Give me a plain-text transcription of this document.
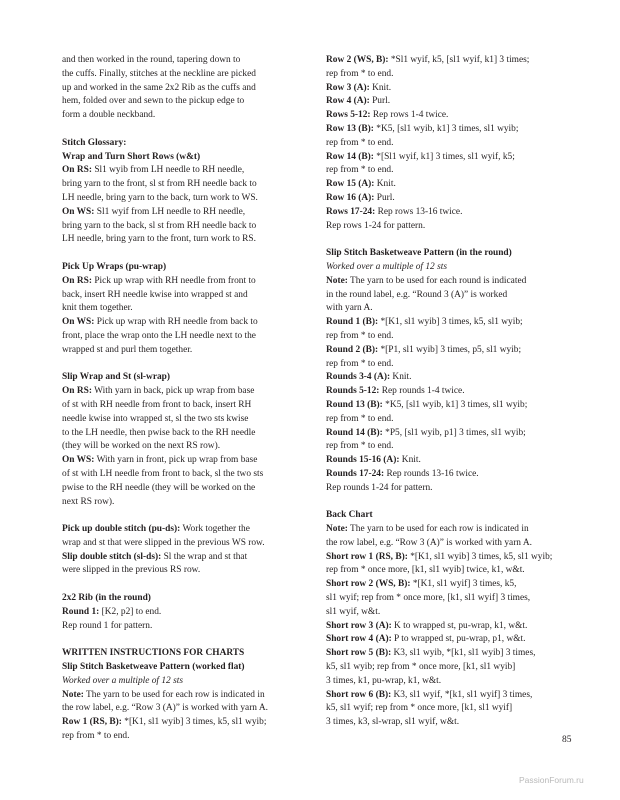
and then worked in the round, tapering down to
the cuffs. Finally, stitches at the neckline are picked
up and worked in the same 2x2 Rib as the cuffs and
hem, folded over and sewn to the pickup edge to
form a double neckband.
Stitch Glossary:
Wrap and Turn Short Rows (w&t)
On RS: Sl1 wyib from LH needle to RH needle,
bring yarn to the front, sl st from RH needle back to
LH needle, bring yarn to the back, turn work to WS.
On WS: Sl1 wyif from LH needle to RH needle,
bring yarn to the back, sl st from RH needle back to
LH needle, bring yarn to the front, turn work to RS.
Pick Up Wraps (pu-wrap)
On RS: Pick up wrap with RH needle from front to
back, insert RH needle kwise into wrapped st and
knit them together.
On WS: Pick up wrap with RH needle from back to
front, place the wrap onto the LH needle next to the
wrapped st and purl them together.
Slip Wrap and St (sl-wrap)
On RS: With yarn in back, pick up wrap from base
of st with RH needle from front to back, insert RH
needle kwise into wrapped st, sl the two sts kwise
to the LH needle, then pwise back to the RH needle
(they will be worked on the next RS row).
On WS: With yarn in front, pick up wrap from base
of st with LH needle from front to back, sl the two sts
pwise to the RH needle (they will be worked on the
next RS row).
Pick up double stitch (pu-ds): Work together the
wrap and st that were slipped in the previous WS row.
Slip double stitch (sl-ds): Sl the wrap and st that
were slipped in the previous RS row.
2x2 Rib (in the round)
Round 1: [K2, p2] to end.
Rep round 1 for pattern.
WRITTEN INSTRUCTIONS FOR CHARTS
Slip Stitch Basketweave Pattern (worked flat)
Worked over a multiple of 12 sts
Note: The yarn to be used for each row is indicated in
the row label, e.g. “Row 3 (A)” is worked with yarn A.
Row 1 (RS, B): *[K1, sl1 wyib] 3 times, k5, sl1 wyib;
rep from * to end.
Row 2 (WS, B): *Sl1 wyif, k5, [sl1 wyif, k1] 3 times;
rep from * to end.
Row 3 (A): Knit.
Row 4 (A): Purl.
Rows 5-12: Rep rows 1-4 twice.
Row 13 (B): *K5, [sl1 wyib, k1] 3 times, sl1 wyib;
rep from * to end.
Row 14 (B): *[Sl1 wyif, k1] 3 times, sl1 wyif, k5;
rep from * to end.
Row 15 (A): Knit.
Row 16 (A): Purl.
Rows 17-24: Rep rows 13-16 twice.
Rep rows 1-24 for pattern.
Slip Stitch Basketweave Pattern (in the round)
Worked over a multiple of 12 sts
Note: The yarn to be used for each round is indicated
in the round label, e.g. “Round 3 (A)” is worked
with yarn A.
Round 1 (B): *[K1, sl1 wyib] 3 times, k5, sl1 wyib;
rep from * to end.
Round 2 (B): *[P1, sl1 wyib] 3 times, p5, sl1 wyib;
rep from * to end.
Rounds 3-4 (A): Knit.
Rounds 5-12: Rep rounds 1-4 twice.
Round 13 (B): *K5, [sl1 wyib, k1] 3 times, sl1 wyib;
rep from * to end.
Round 14 (B): *P5, [sl1 wyib, p1] 3 times, sl1 wyib;
rep from * to end.
Rounds 15-16 (A): Knit.
Rounds 17-24: Rep rounds 13-16 twice.
Rep rounds 1-24 for pattern.
Back Chart
Note: The yarn to be used for each row is indicated in
the row label, e.g. “Row 3 (A)” is worked with yarn A.
Short row 1 (RS, B): *[K1, sl1 wyib] 3 times, k5, sl1 wyib;
rep from * once more, [k1, sl1 wyib] twice, k1, w&t.
Short row 2 (WS, B): *[K1, sl1 wyif] 3 times, k5,
sl1 wyif; rep from * once more, [k1, sl1 wyif] 3 times,
sl1 wyif, w&t.
Short row 3 (A): K to wrapped st, pu-wrap, k1, w&t.
Short row 4 (A): P to wrapped st, pu-wrap, p1, w&t.
Short row 5 (B): K3, sl1 wyib, *[k1, sl1 wyib] 3 times,
k5, sl1 wyib; rep from * once more, [k1, sl1 wyib]
3 times, k1, pu-wrap, k1, w&t.
Short row 6 (B): K3, sl1 wyif, *[k1, sl1 wyif] 3 times,
k5, sl1 wyif; rep from * once more, [k1, sl1 wyif]
3 times, k3, sl-wrap, sl1 wyif, w&t.
85
PassionForum.ru
